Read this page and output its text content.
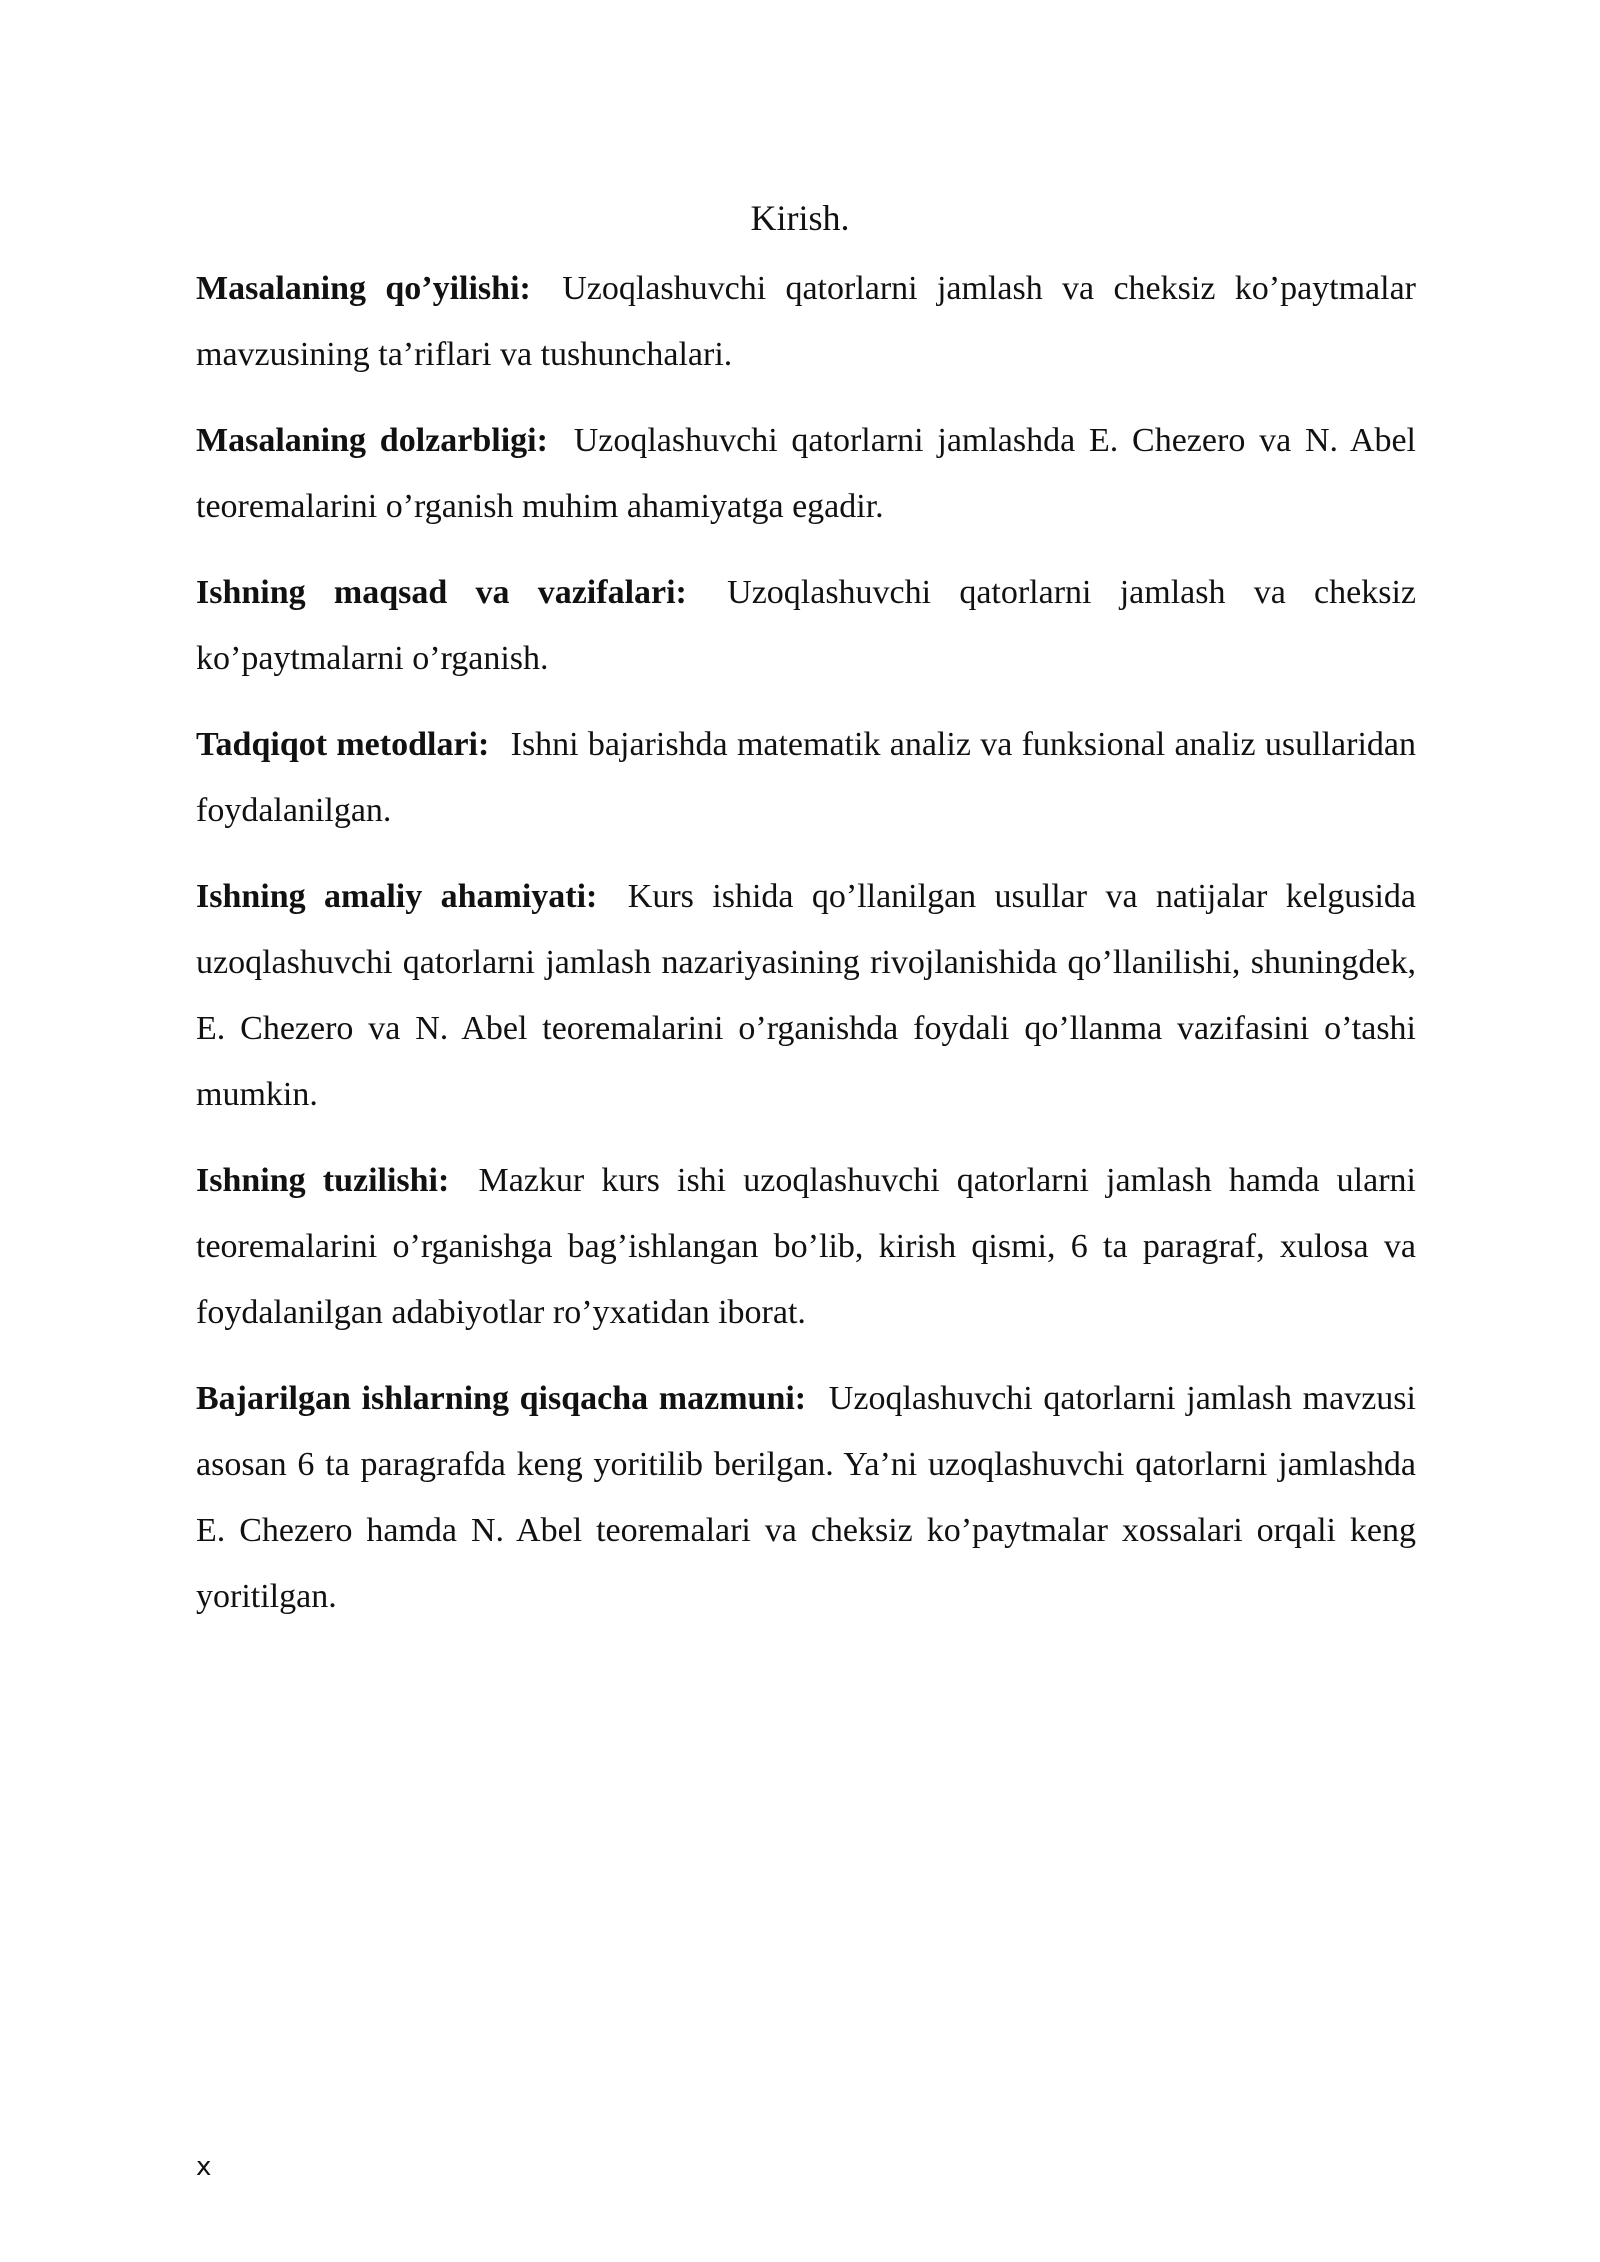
Kirish.

Masalaning qo’yilishi: Uzoqlashuvchi qatorlarni jamlash va cheksiz ko’paytmalar mavzusining ta’riflari va tushunchalari.

Masalaning dolzarbligi: Uzoqlashuvchi qatorlarni jamlashda E. Chezero va N. Abel teoremalarini o’rganish muhim ahamiyatga egadir.

Ishning maqsad va vazifalari: Uzoqlashuvchi qatorlarni jamlash va cheksiz ko’paytmalarni o’rganish.

Tadqiqot metodlari: Ishni bajarishda matematik analiz va funksional analiz usullaridan foydalanilgan.

Ishning amaliy ahamiyati: Kurs ishida qo’llanilgan usullar va natijalar kelgusida uzoqlashuvchi qatorlarni jamlash nazariyasining rivojlanishida qo’llanilishi, shuningdek, E. Chezero va N. Abel teoremalarini o’rganishda foydali qo’llanma vazifasini o’tashi mumkin.

Ishning tuzilishi: Mazkur kurs ishi uzoqlashuvchi qatorlarni jamlash hamda ularni teoremalarini o’rganishga bag’ishlangan bo’lib, kirish qismi, 6 ta paragraf, xulosa va foydalanilgan adabiyotlar ro’yxatidan iborat.

Bajarilgan ishlarning qisqacha mazmuni: Uzoqlashuvchi qatorlarni jamlash mavzusi asosan 6 ta paragrafda keng yoritilib berilgan. Ya’ni uzoqlashuvchi qatorlarni jamlashda E. Chezero hamda N. Abel teoremalari va cheksiz ko’paytmalar xossalari orqali keng yoritilgan.

x
